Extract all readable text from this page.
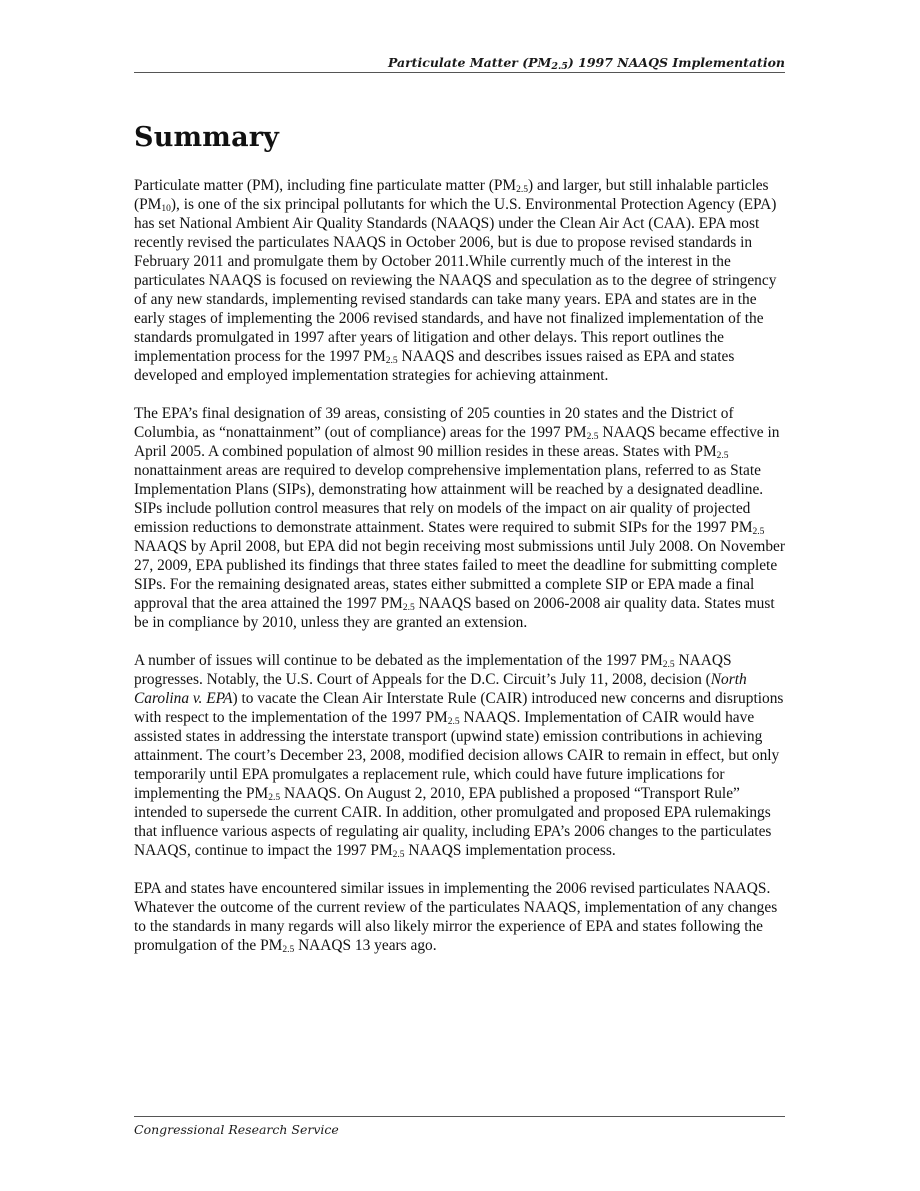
Particulate Matter $(PM_{2.5})$ 1997 NAAQS Implementation
Summary

Particulate matter (PM), including fine particulate matter $(PM_{2.5})$ and larger, but still inhalable particles $(PM_{10})$, is one of the six principal pollutants for which the U.S. Environmental Protection Agency (EPA) has set National Ambient Air Quality Standards (NAAQS) under the Clean Air Act (CAA). EPA most recently revised the particulates NAAQS in October 2006, but is due to propose revised standards in February 2011 and promulgate them by October 2011.While currently much of the interest in the particulates NAAQS is focused on reviewing the NAAQS and speculation as to the degree of stringency of any new standards, implementing revised standards can take many years. EPA and states are in the early stages of implementing the 2006 revised standards, and have not finalized implementation of the standards promulgated in 1997 after years of litigation and other delays. This report outlines the implementation process for the 1997 $PM_{2.5}$ NAAQS and describes issues raised as EPA and states developed and employed implementation strategies for achieving attainment.

The EPA’s final designation of 39 areas, consisting of 205 counties in 20 states and the District of Columbia, as “nonattainment” (out of compliance) areas for the 1997 $PM_{2.5}$ NAAQS became effective in April 2005. A combined population of almost 90 million resides in these areas. States with $PM_{2.5}$ nonattainment areas are required to develop comprehensive implementation plans, referred to as State Implementation Plans (SIPs), demonstrating how attainment will be reached by a designated deadline. SIPs include pollution control measures that rely on models of the impact on air quality of projected emission reductions to demonstrate attainment. States were required to submit SIPs for the 1997 $PM_{2.5}$ NAAQS by April 2008, but EPA did not begin receiving most submissions until July 2008. On November 27, 2009, EPA published its findings that three states failed to meet the deadline for submitting complete SIPs. For the remaining designated areas, states either submitted a complete SIP or EPA made a final approval that the area attained the 1997 $PM_{2.5}$ NAAQS based on 2006-2008 air quality data. States must be in compliance by 2010, unless they are granted an extension.

A number of issues will continue to be debated as the implementation of the 1997 $PM_{2.5}$ NAAQS progresses. Notably, the U.S. Court of Appeals for the D.C. Circuit’s July 11, 2008, decision (North Carolina v. EPA) to vacate the Clean Air Interstate Rule (CAIR) introduced new concerns and disruptions with respect to the implementation of the 1997 $PM_{2.5}$ NAAQS. Implementation of CAIR would have assisted states in addressing the interstate transport (upwind state) emission contributions in achieving attainment. The court’s December 23, 2008, modified decision allows CAIR to remain in effect, but only temporarily until EPA promulgates a replacement rule, which could have future implications for implementing the $PM_{2.5}$ NAAQS. On August 2, 2010, EPA published a proposed “Transport Rule” intended to supersede the current CAIR. In addition, other promulgated and proposed EPA rulemakings that influence various aspects of regulating air quality, including EPA’s 2006 changes to the particulates NAAQS, continue to impact the 1997 $PM_{2.5}$ NAAQS implementation process.

EPA and states have encountered similar issues in implementing the 2006 revised particulates NAAQS. Whatever the outcome of the current review of the particulates NAAQS, implementation of any changes to the standards in many regards will also likely mirror the experience of EPA and states following the promulgation of the $PM_{2.5}$ NAAQS 13 years ago.

Congressional Research Service
